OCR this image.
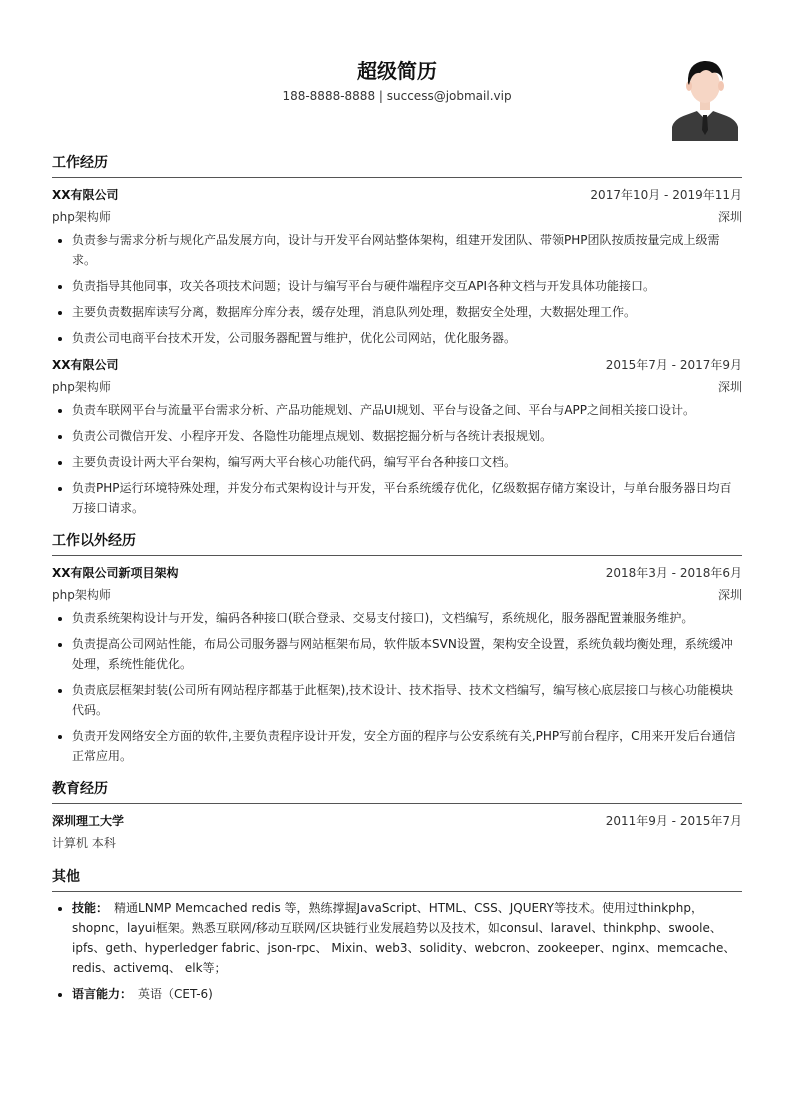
超级简历
188-8888-8888 | success@jobmail.vip
工作经历
XX有限公司	2017年10月 - 2019年11月
php架构师	深圳
• 负责参与需求分析与规化产品发展方向，设计与开发平台网站整体架构，组建开发团队、带领PHP团队按质按量完成上级需求。
• 负责指导其他同事，攻关各项技术问题；设计与编写平台与硬件端程序交互API各种文档与开发具体功能接口。
• 主要负责数据库读写分离，数据库分库分表，缓存处理，消息队列处理，数据安全处理，大数据处理工作。
• 负责公司电商平台技术开发，公司服务器配置与维护，优化公司网站，优化服务器。
XX有限公司	2015年7月 - 2017年9月
php架构师	深圳
• 负责车联网平台与流量平台需求分析、产品功能规划、产品UI规划、平台与设备之间、平台与APP之间相关接口设计。
• 负责公司微信开发、小程序开发、各隐性功能埋点规划、数据挖掘分析与各统计表报规划。
• 主要负责设计两大平台架构，编写两大平台核心功能代码，编写平台各种接口文档。
• 负责PHP运行环境特殊处理，并发分布式架构设计与开发，平台系统缓存优化，亿级数据存储方案设计，与单台服务器日均百万接口请求。
工作以外经历
XX有限公司新项目架构	2018年3月 - 2018年6月
php架构师	深圳
• 负责系统架构设计与开发，编码各种接口(联合登录、交易支付接口)，文档编写，系统规化，服务器配置兼服务维护。
• 负责提高公司网站性能，布局公司服务器与网站框架布局，软件版本SVN设置，架构安全设置，系统负载均衡处理，系统缓冲处理，系统性能优化。
• 负责底层框架封装(公司所有网站程序都基于此框架),技术设计、技术指导、技术文档编写，编写核心底层接口与核心功能模块代码。
• 负责开发网络安全方面的软件,主要负责程序设计开发，安全方面的程序与公安系统有关,PHP写前台程序，C用来开发后台通信正常应用。
教育经历
深圳理工大学	2011年9月 - 2015年7月
计算机 本科
其他
• 技能： 精通LNMP Memcached redis 等，熟练撑握JavaScript、HTML、CSS、JQUERY等技术。使用过thinkphp，shopnc，layui框架。熟悉互联网/移动互联网/区块链行业发展趋势以及技术，如consul、laravel、thinkphp、swoole、ipfs、geth、hyperledger fabric、json-rpc、 Mixin、web3、solidity、webcron、zookeeper、nginx、memcache、redis、activemq、 elk等；
• 语言能力： 英语（CET-6)
